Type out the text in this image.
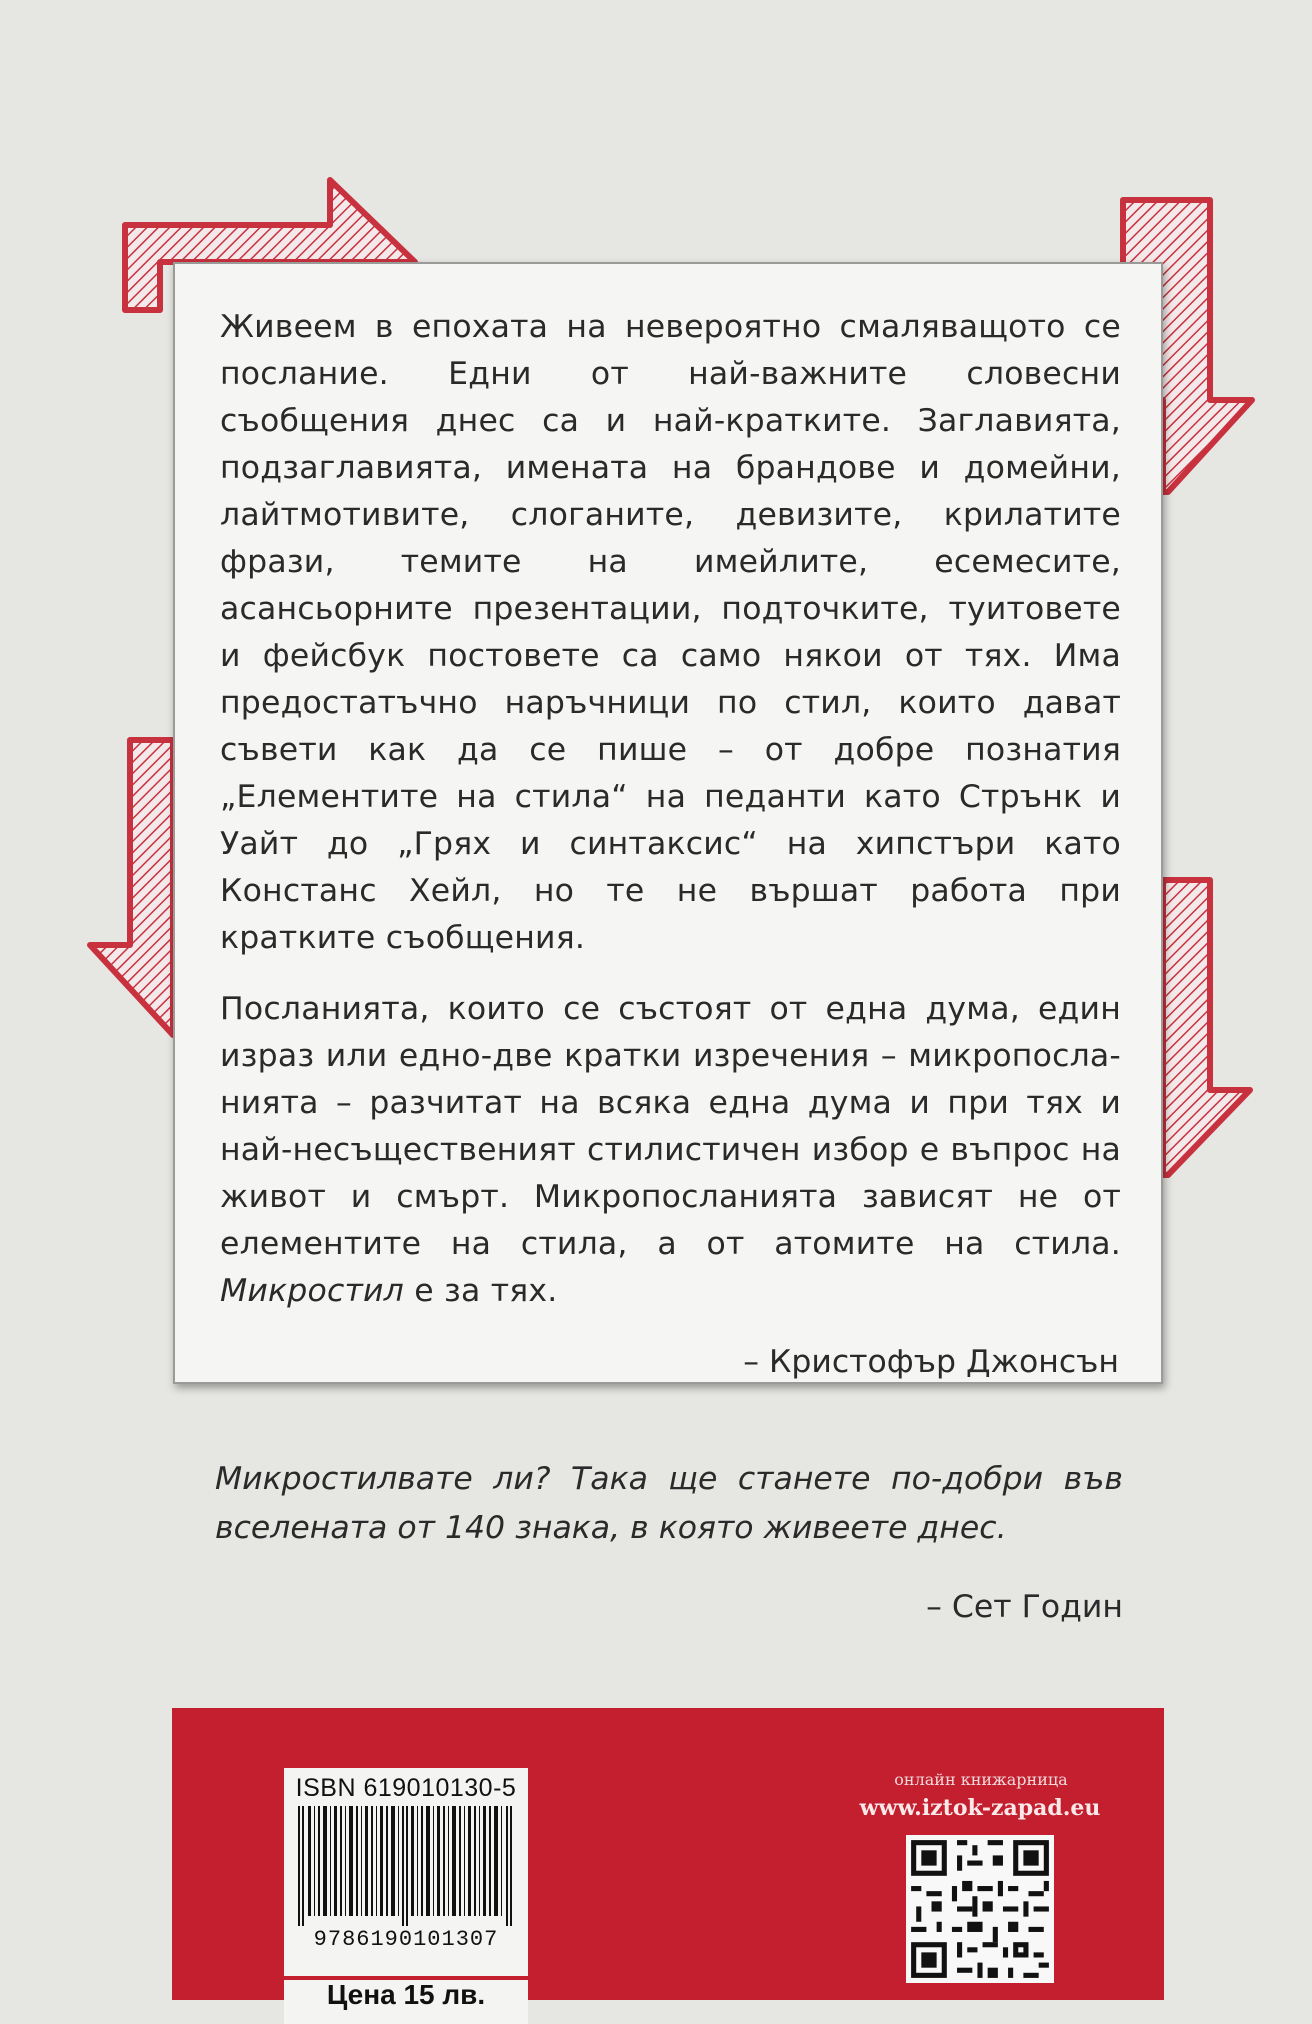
Живеем в епохата на невероятно смаляващото се послание. Едни от най-важните словесни съобщения днес са и най-кратките. Заглавията, подзаглавията, имената на брандове и домейни, лайтмотивите, слоганите, девизите, крилатите фрази, темите на имейлите, есемесите, асансьорните презентации, подточките, туитовете и фейсбук постовете са само някои от тях. Има предостатъчно наръчници по стил, които дават съвети как да се пише – от добре познатия „Елементите на стила“ на педанти като Стрънк и Уайт до „Грях и синтаксис“ на хипстъри като Констанс Хейл, но те не вършат работа при кратките съобщения.

Посланията, които се състоят от една дума, един израз или едно-две кратки изречения – микропосла-нията – разчитат на всяка една дума и при тях и най-несъщественият стилистичен избор е въпрос на живот и смърт. Микропосланията зависят не от елементите на стила, а от атомите на стила. Микростил е за тях.

– Кристофър Джонсън

Микростилвате ли? Така ще станете по-добри във вселената от 140 знака, в която живеете днес.

– Сет Годин
ISBN 619010130-5
9786190101307
Цена 15 лв.
онлайн книжарница
www.iztok-zapad.eu
